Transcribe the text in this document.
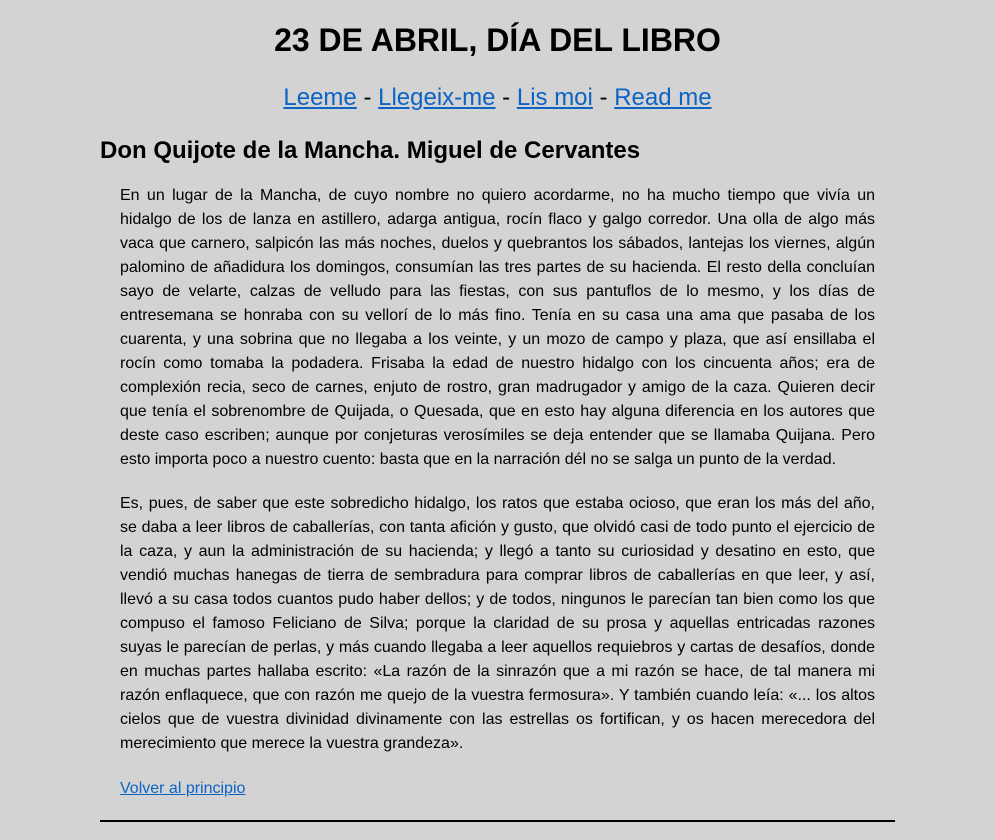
23 DE ABRIL, DÍA DEL LIBRO
Leeme - Llegeix-me - Lis moi - Read me
Don Quijote de la Mancha. Miguel de Cervantes

En un lugar de la Mancha, de cuyo nombre no quiero acordarme, no ha mucho tiempo que vivía un hidalgo de los de lanza en astillero, adarga antigua, rocín flaco y galgo corredor. Una olla de algo más vaca que carnero, salpicón las más noches, duelos y quebrantos los sábados, lantejas los viernes, algún palomino de añadidura los domingos, consumían las tres partes de su hacienda. El resto della concluían sayo de velarte, calzas de velludo para las fiestas, con sus pantuflos de lo mesmo, y los días de entresemana se honraba con su vellorí de lo más fino. Tenía en su casa una ama que pasaba de los cuarenta, y una sobrina que no llegaba a los veinte, y un mozo de campo y plaza, que así ensillaba el rocín como tomaba la podadera. Frisaba la edad de nuestro hidalgo con los cincuenta años; era de complexión recia, seco de carnes, enjuto de rostro, gran madrugador y amigo de la caza. Quieren decir que tenía el sobrenombre de Quijada, o Quesada, que en esto hay alguna diferencia en los autores que deste caso escriben; aunque por conjeturas verosímiles se deja entender que se llamaba Quijana. Pero esto importa poco a nuestro cuento: basta que en la narración dél no se salga un punto de la verdad.

Es, pues, de saber que este sobredicho hidalgo, los ratos que estaba ocioso, que eran los más del año, se daba a leer libros de caballerías, con tanta afición y gusto, que olvidó casi de todo punto el ejercicio de la caza, y aun la administración de su hacienda; y llegó a tanto su curiosidad y desatino en esto, que vendió muchas hanegas de tierra de sembradura para comprar libros de caballerías en que leer, y así, llevó a su casa todos cuantos pudo haber dellos; y de todos, ningunos le parecían tan bien como los que compuso el famoso Feliciano de Silva; porque la claridad de su prosa y aquellas entricadas razones suyas le parecían de perlas, y más cuando llegaba a leer aquellos requiebros y cartas de desafíos, donde en muchas partes hallaba escrito: «La razón de la sinrazón que a mi razón se hace, de tal manera mi razón enflaquece, que con razón me quejo de la vuestra fermosura». Y también cuando leía: «... los altos cielos que de vuestra divinidad divinamente con las estrellas os fortifican, y os hacen merecedora del merecimiento que merece la vuestra grandeza».

Volver al principio
